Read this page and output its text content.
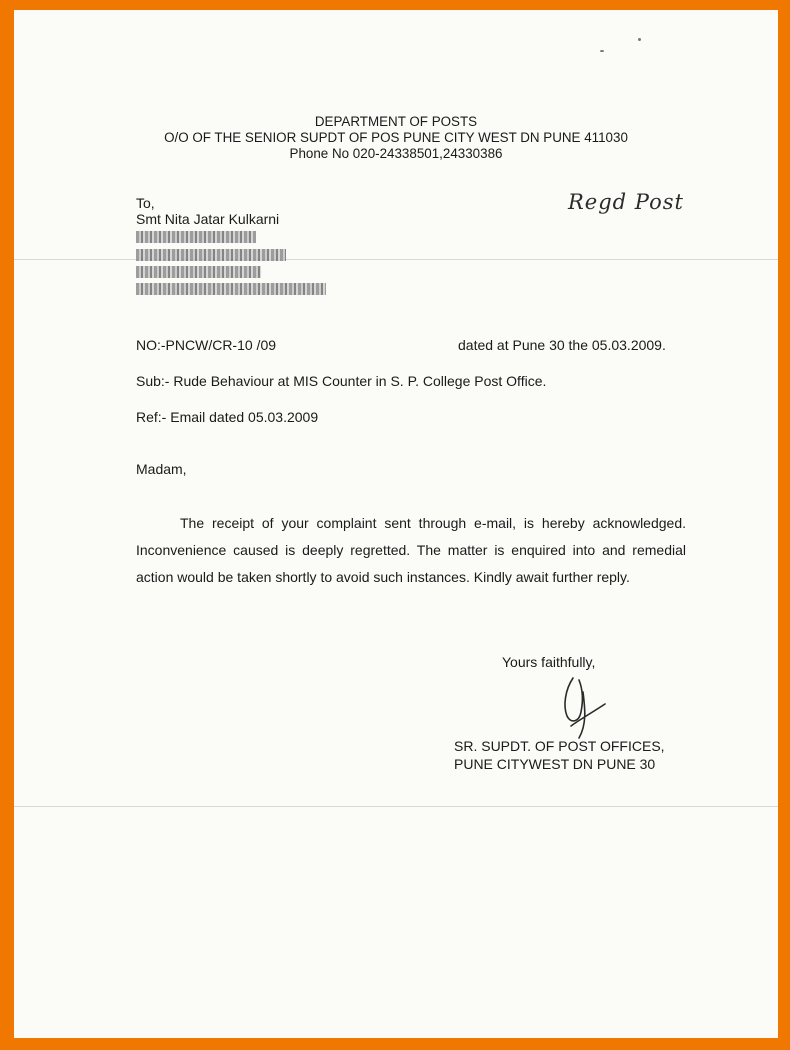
DEPARTMENT OF POSTS
O/O OF THE SENIOR SUPDT OF POS PUNE CITY WEST DN PUNE 411030
Phone No 020-24338501,24330386
To,
Smt Nita Jatar Kulkarni
Regd Post
NO:-PNCW/CR-10 /09	dated at Pune 30 the 05.03.2009.
Sub:- Rude Behaviour at MIS Counter in S. P. College Post Office.
Ref:- Email dated 05.03.2009
Madam,

The receipt of your complaint sent through e-mail, is hereby acknowledged. Inconvenience caused is deeply regretted. The matter is enquired into and remedial action would be taken shortly to avoid such instances. Kindly await further reply.

Yours faithfully,
SR. SUPDT. OF POST OFFICES,
PUNE CITYWEST DN PUNE 30
